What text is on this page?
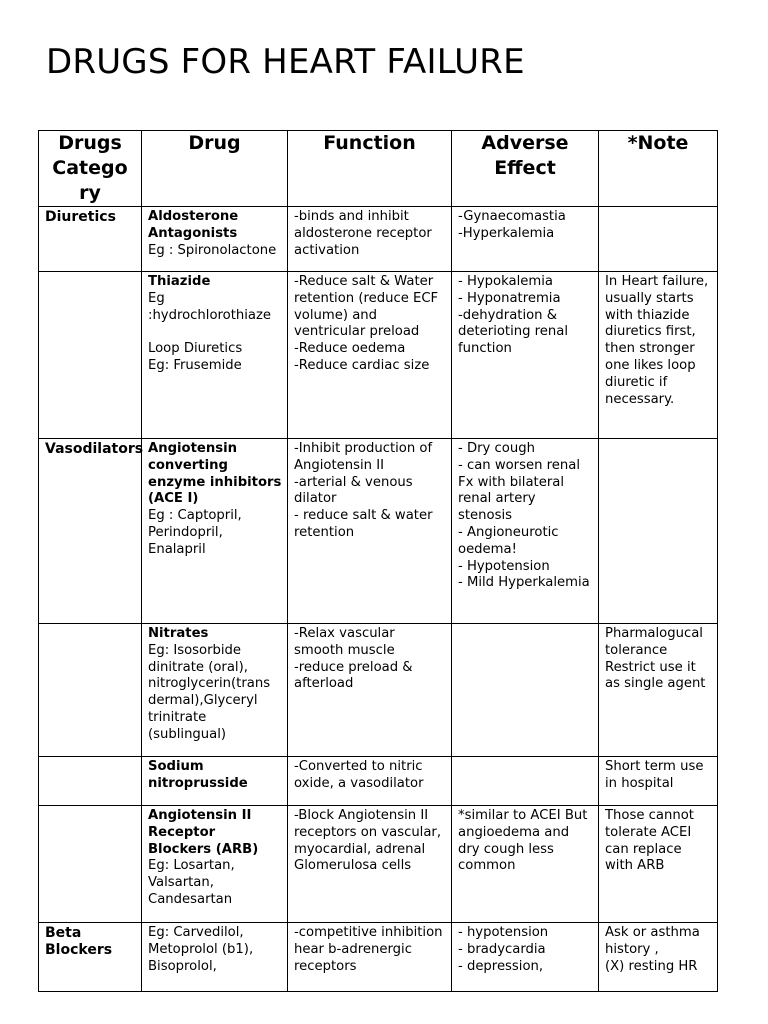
DRUGS FOR HEART FAILURE
Drugs
Catego
ry	Drug	Function	Adverse
Effect	*Note
Diuretics	Aldosterone Antagonists
Eg : Spironolactone	-binds and inhibit aldosterone receptor activation	-Gynaecomastia
-Hyperkalemia	

	Thiazide
Eg :hydrochlorothiaze
Loop Diuretics
Eg: Frusemide	-Reduce salt & Water retention (reduce ECF volume) and ventricular preload
-Reduce oedema
-Reduce cardiac size	- Hypokalemia
- Hyponatremia
-dehydration & deterioting renal function	In Heart failure, usually starts with thiazide diuretics first, then stronger one likes loop diuretic if necessary.

Vasodilators	Angiotensin converting enzyme inhibitors (ACE I)
Eg : Captopril, Perindopril, Enalapril	-Inhibit production of Angiotensin II
-arterial & venous dilator
- reduce salt & water retention	- Dry cough
- can worsen renal Fx with bilateral renal artery stenosis
- Angioneurotic oedema!
- Hypotension
- Mild Hyperkalemia	

	Nitrates
Eg: Isosorbide dinitrate (oral), nitroglycerin(trans dermal),Glyceryl trinitrate (sublingual)	-Relax vascular smooth muscle
-reduce preload & afterload		Pharmalogucal tolerance
Restrict use it as single agent

	Sodium nitroprusside	-Converted to nitric oxide, a vasodilator		Short term use in hospital

	Angiotensin II Receptor Blockers (ARB)
Eg: Losartan, Valsartan, Candesartan	-Block Angiotensin II receptors on vascular, myocardial, adrenal Glomerulosa cells	*similar to ACEI But angioedema and dry cough less common	Those cannot tolerate ACEI can replace with ARB

Beta Blockers	Eg: Carvedilol, Metoprolol (b1), Bisoprolol,	-competitive inhibition hear b-adrenergic receptors	- hypotension
- bradycardia
- depression,	Ask or asthma history ,
(X) resting HR
